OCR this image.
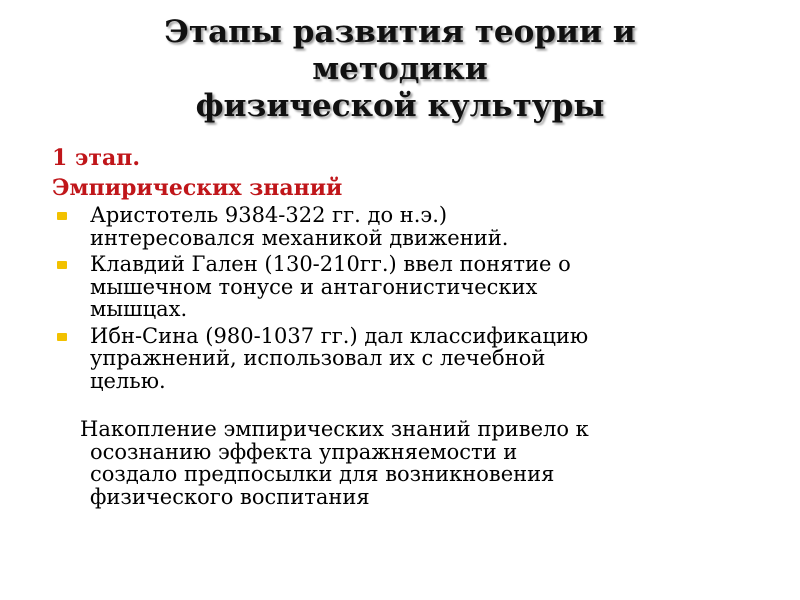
Этапы развития теории и
методики
физической культуры
1 этап.
Эмпирических знаний
Аристотель 9384-322 гг. до н.э.)
интересовался механикой движений.
Клавдий Гален (130-210гг.) ввел понятие о
мышечном тонусе и антагонистических
мышцах.
Ибн-Сина (980-1037 гг.) дал классификацию
упражнений, использовал их с лечебной
целью.
Накопление эмпирических знаний привело к
осознанию эффекта упражняемости и
создало предпосылки для возникновения
физического воспитания
